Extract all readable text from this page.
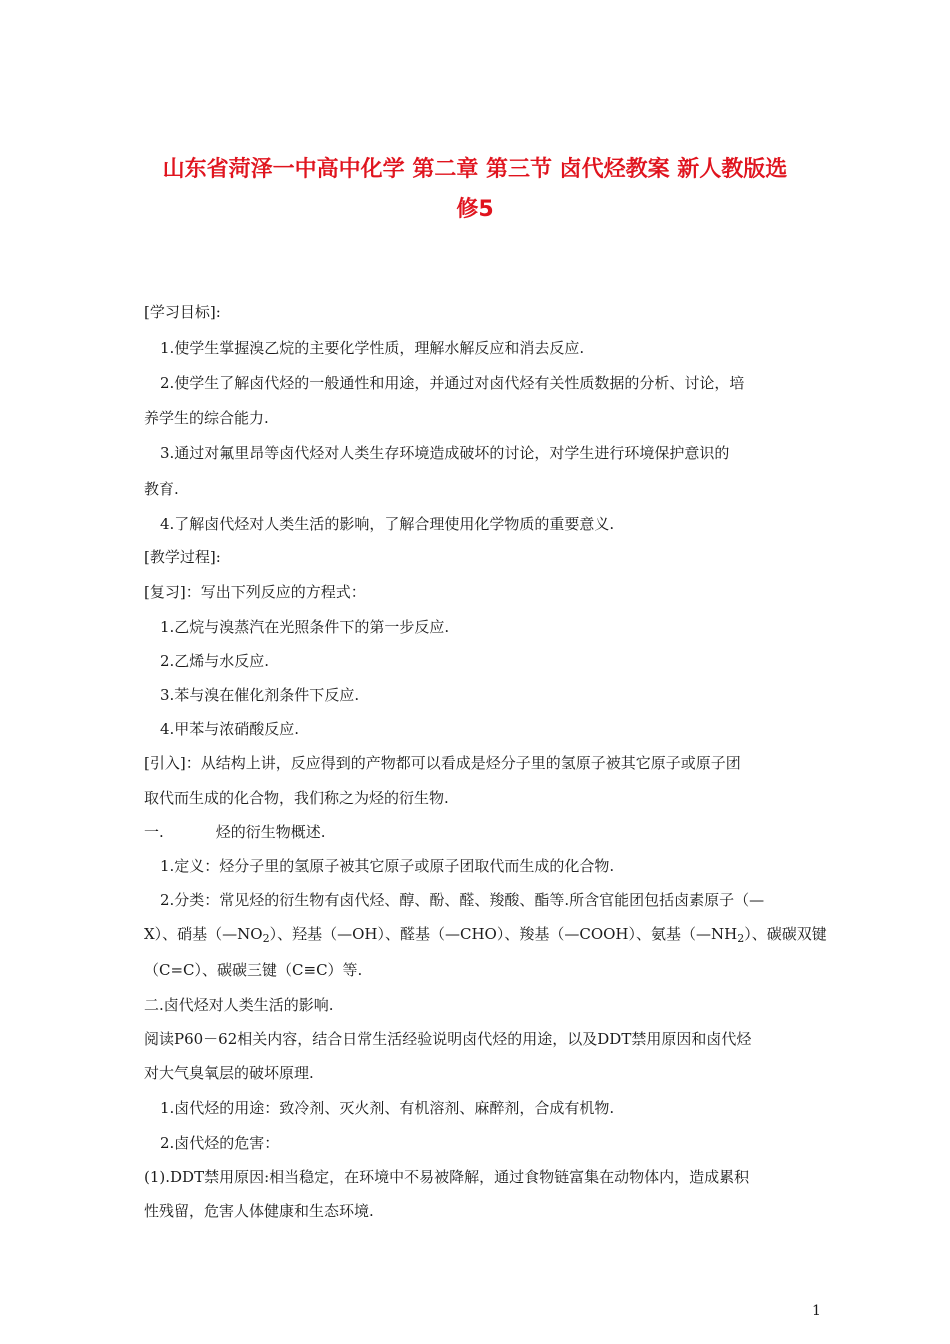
山东省菏泽一中高中化学 第二章 第三节 卤代烃教案 新人教版选
修5
[学习目标]:
1.使学生掌握溴乙烷的主要化学性质，理解水解反应和消去反应.
2.使学生了解卤代烃的一般通性和用途，并通过对卤代烃有关性质数据的分析、讨论，培
养学生的综合能力.
3.通过对氟里昂等卤代烃对人类生存环境造成破坏的讨论，对学生进行环境保护意识的
教育.
4.了解卤代烃对人类生活的影响，了解合理使用化学物质的重要意义.
[教学过程]:
[复习]：写出下列反应的方程式：
1.乙烷与溴蒸汽在光照条件下的第一步反应.
2.乙烯与水反应.
3.苯与溴在催化剂条件下反应.
4.甲苯与浓硝酸反应.
[引入]：从结构上讲，反应得到的产物都可以看成是烃分子里的氢原子被其它原子或原子团
取代而生成的化合物，我们称之为烃的衍生物.
一.	烃的衍生物概述.
1.定义：烃分子里的氢原子被其它原子或原子团取代而生成的化合物.
2.分类：常见烃的衍生物有卤代烃、醇、酚、醛、羧酸、酯等.所含官能团包括卤素原子（—
X）、硝基$(—NO_2)$、羟基（—OH）、醛基（—CHO）、羧基（—COOH）、氨基$(—NH_2)$、碳碳双键
（C=C）、碳碳三键（C≡C）等.
二.卤代烃对人类生活的影响.
阅读P60－62相关内容，结合日常生活经验说明卤代烃的用途，以及DDT禁用原因和卤代烃
对大气臭氧层的破坏原理.
1.卤代烃的用途：致冷剂、灭火剂、有机溶剂、麻醉剂，合成有机物.
2.卤代烃的危害：
(1).DDT禁用原因:相当稳定，在环境中不易被降解，通过食物链富集在动物体内，造成累积
性残留，危害人体健康和生态环境.
1
